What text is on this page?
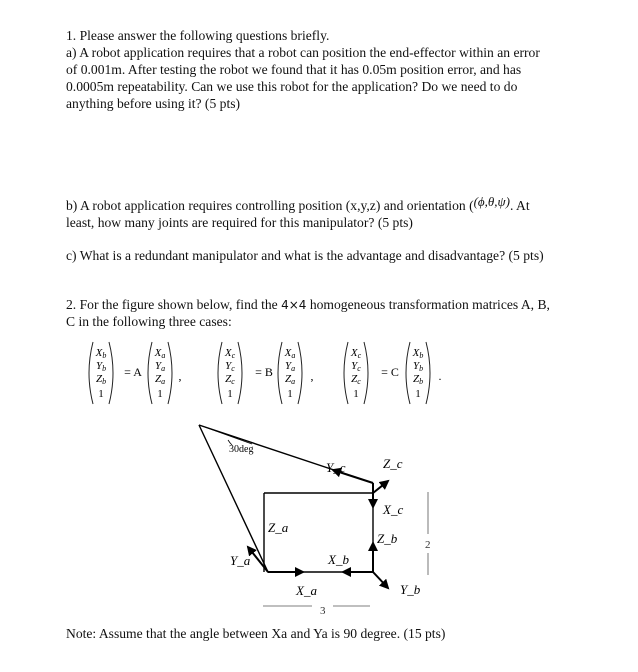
1. Please answer the following questions briefly.
a) A robot application requires that a robot can position the end-effector within an error
of 0.001m. After testing the robot we found that it has 0.05m position error, and has
0.0005m repeatability. Can we use this robot for the application? Do we need to do
anything before using it? (5 pts)
b) A robot application requires controlling position (x,y,z) and orientation ((ϕ,θ,ψ). At
least, how many joints are required for this manipulator? (5 pts)
c) What is a redundant manipulator and what is the advantage and disadvantage? (5 pts)
2. For the figure shown below, find the 4×4 homogeneous transformation matrices A, B,
C in the following three cases:
Xb
Yb
Zb
1
Xa
Ya
Za
1
= A	,
Xc
Yc
Zc
1
Xa
Ya
Za
1
= B	,
Xc
Yc
Zc
1
Xb
Yb
Zb
1
= C	.
30deg
Y_c	Z_c
X_c
Z_b
Z_a
Y_a	X_b
X_a	Y_b
3
2
Note: Assume that the angle between Xa and Ya is 90 degree. (15 pts)
